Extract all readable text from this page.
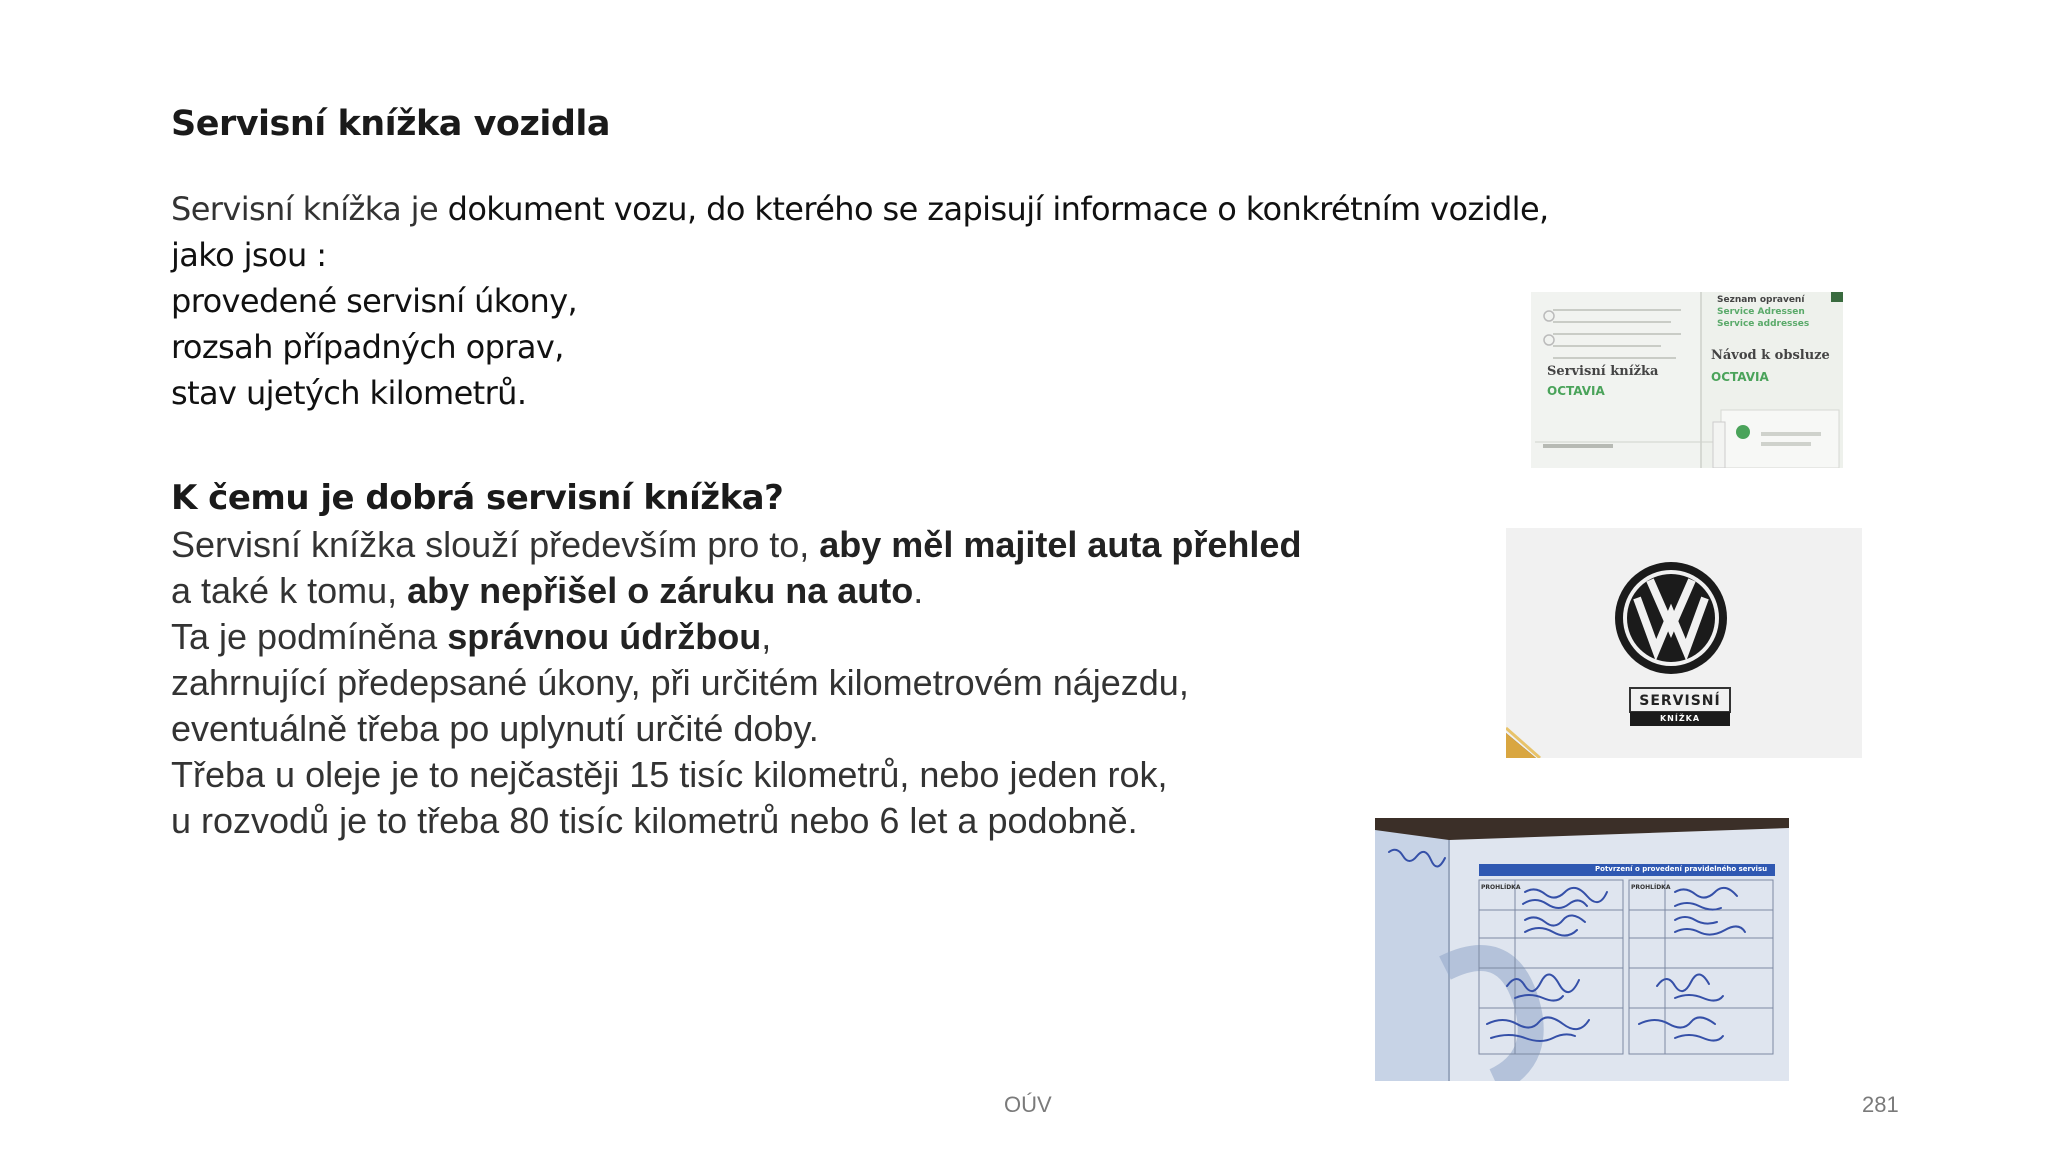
Servisní knížka vozidla
Servisní knížka je dokument vozu, do kterého se zapisují informace o konkrétním vozidle,
jako jsou :
provedené servisní úkony,
rozsah případných oprav,
stav ujetých kilometrů.
K čemu je dobrá servisní knížka?
Servisní knížka slouží především pro to, aby měl majitel auta přehled
a také k tomu, aby nepřišel o záruku na auto.
Ta je podmíněna správnou údržbou,
zahrnující předepsané úkony, při určitém kilometrovém nájezdu,
eventuálně třeba po uplynutí určité doby.
Třeba u oleje je to nejčastěji 15 tisíc kilometrů, nebo jeden rok,
u rozvodů je to třeba 80 tisíc kilometrů nebo 6 let a podobně.
Seznam opravení
Service Adressen
Service addresses
Servisní knížka
OCTAVIA
Návod k obsluze
OCTAVIA
SERVISNÍ
KNÍŽKA
Potvrzení o provedení pravidelného servisu
PROHLÍDKA	PROHLÍDKA
OÚV	281
